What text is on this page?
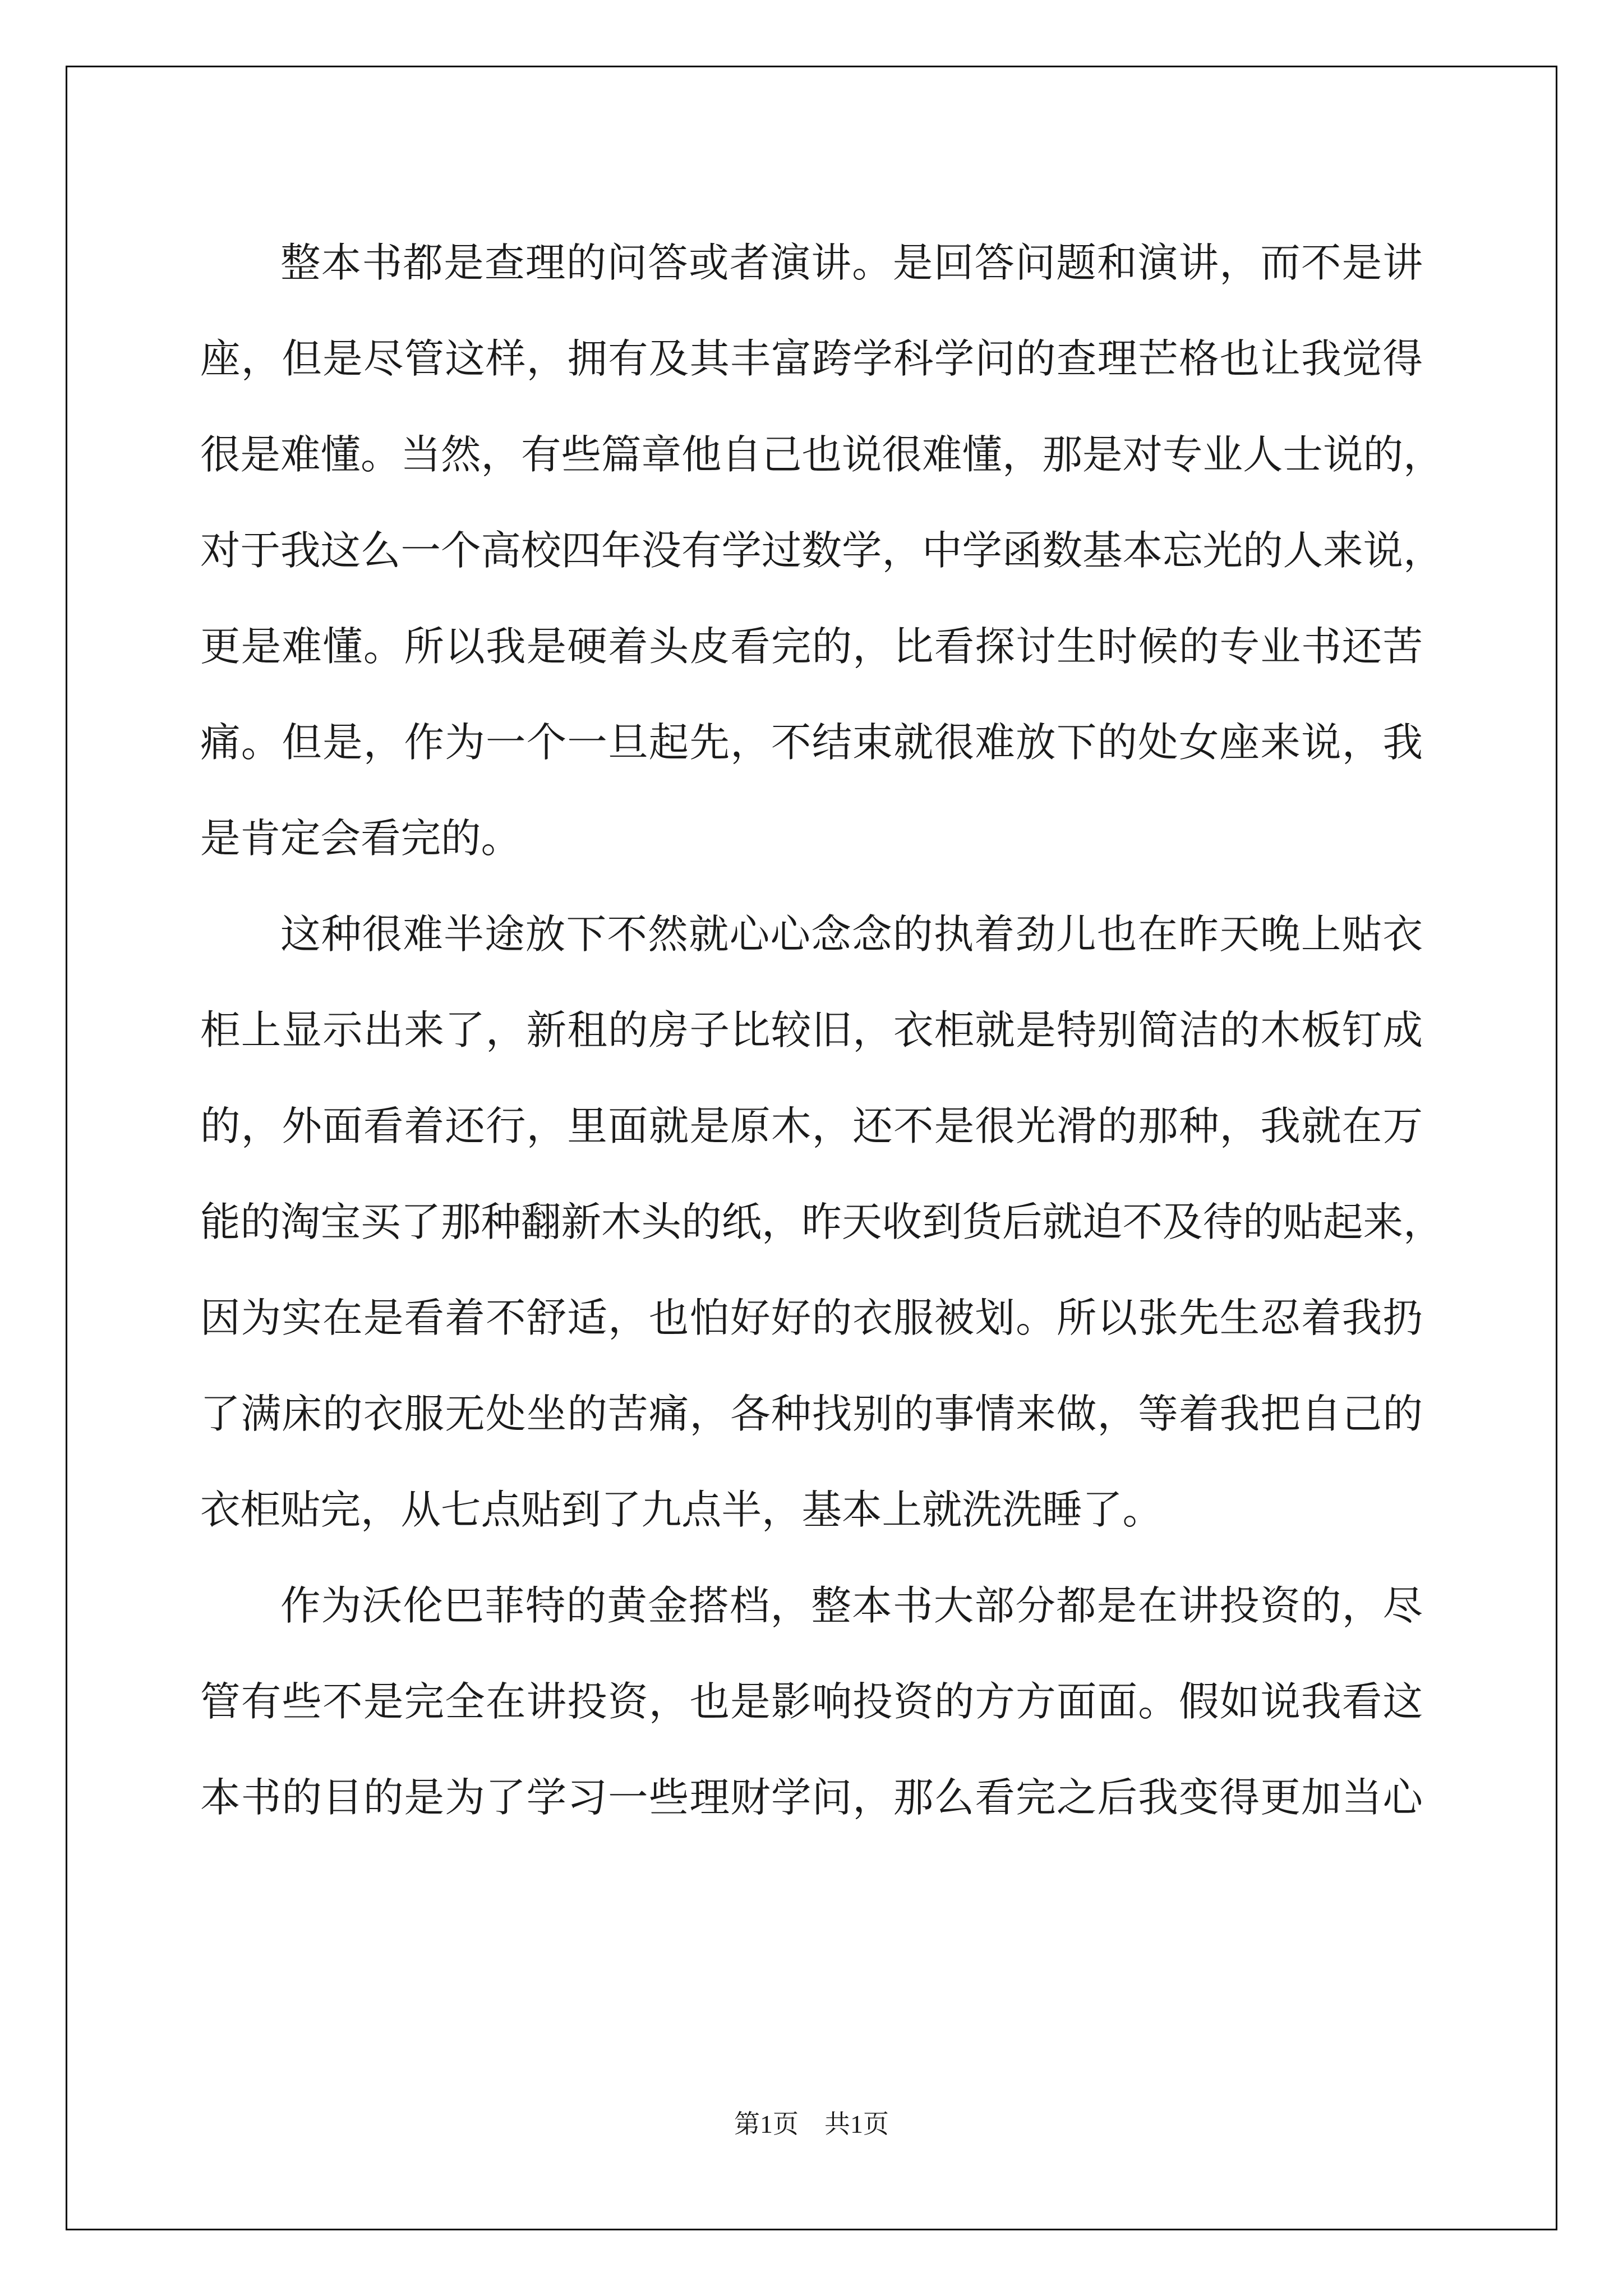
整本书都是查理的问答或者演讲。是回答问题和演讲，而不是讲
座，但是尽管这样，拥有及其丰富跨学科学问的查理芒格也让我觉得
很是难懂。当然，有些篇章他自己也说很难懂，那是对专业人士说的，
对于我这么一个高校四年没有学过数学，中学函数基本忘光的人来说，
更是难懂。所以我是硬着头皮看完的，比看探讨生时候的专业书还苦
痛。但是，作为一个一旦起先，不结束就很难放下的处女座来说，我
是肯定会看完的。
这种很难半途放下不然就心心念念的执着劲儿也在昨天晚上贴衣
柜上显示出来了，新租的房子比较旧，衣柜就是特别简洁的木板钉成
的，外面看着还行，里面就是原木，还不是很光滑的那种，我就在万
能的淘宝买了那种翻新木头的纸，昨天收到货后就迫不及待的贴起来，
因为实在是看着不舒适，也怕好好的衣服被划。所以张先生忍着我扔
了满床的衣服无处坐的苦痛，各种找别的事情来做，等着我把自己的
衣柜贴完，从七点贴到了九点半，基本上就洗洗睡了。
作为沃伦巴菲特的黄金搭档，整本书大部分都是在讲投资的，尽
管有些不是完全在讲投资，也是影响投资的方方面面。假如说我看这
本书的目的是为了学习一些理财学问，那么看完之后我变得更加当心
第1页 共1页
